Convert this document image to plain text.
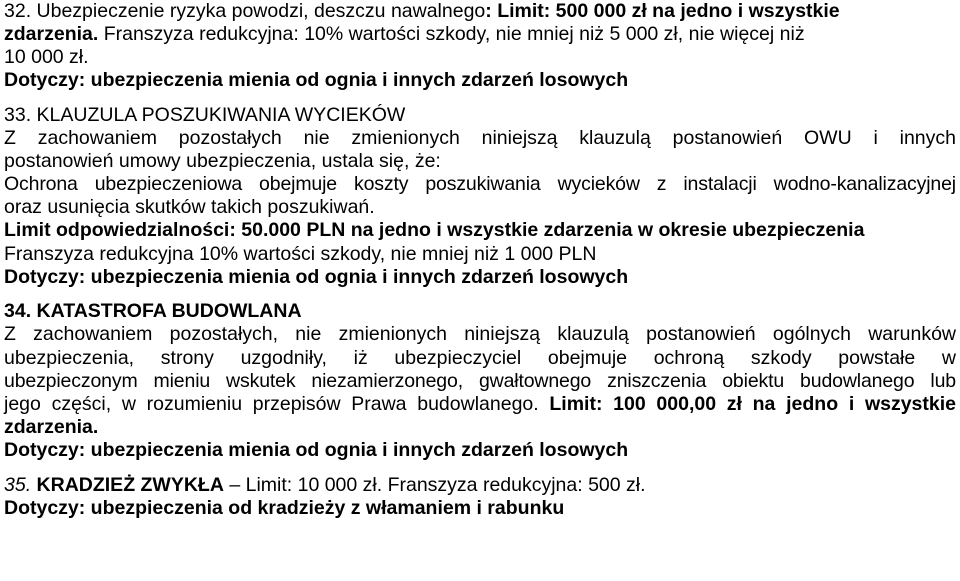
32. Ubezpieczenie ryzyka powodzi, deszczu nawalnego: Limit: 500 000 zł na jedno i wszystkie
zdarzenia. Franszyza redukcyjna: 10% wartości szkody, nie mniej niż 5 000 zł, nie więcej niż
10 000 zł.
Dotyczy: ubezpieczenia mienia od ognia i innych zdarzeń losowych
33. KLAUZULA POSZUKIWANIA WYCIEKÓW
Z zachowaniem pozostałych nie zmienionych niniejszą klauzulą postanowień OWU i innych
postanowień umowy ubezpieczenia, ustala się, że:
Ochrona ubezpieczeniowa obejmuje koszty poszukiwania wycieków z instalacji wodno-kanalizacyjnej
oraz usunięcia skutków takich poszukiwań.
Limit odpowiedzialności: 50.000 PLN na jedno i wszystkie zdarzenia w okresie ubezpieczenia
Franszyza redukcyjna 10% wartości szkody, nie mniej niż 1 000 PLN
Dotyczy: ubezpieczenia mienia od ognia i innych zdarzeń losowych
34. KATASTROFA BUDOWLANA
Z zachowaniem pozostałych, nie zmienionych niniejszą klauzulą postanowień ogólnych warunków
ubezpieczenia, strony uzgodniły, iż ubezpieczyciel obejmuje ochroną szkody powstałe w
ubezpieczonym mieniu wskutek niezamierzonego, gwałtownego zniszczenia obiektu budowlanego lub
jego części, w rozumieniu przepisów Prawa budowlanego. Limit: 100 000,00 zł na jedno i wszystkie
zdarzenia.
Dotyczy: ubezpieczenia mienia od ognia i innych zdarzeń losowych
35. KRADZIEŻ ZWYKŁA – Limit: 10 000 zł. Franszyza redukcyjna: 500 zł.
Dotyczy: ubezpieczenia od kradzieży z włamaniem i rabunku
